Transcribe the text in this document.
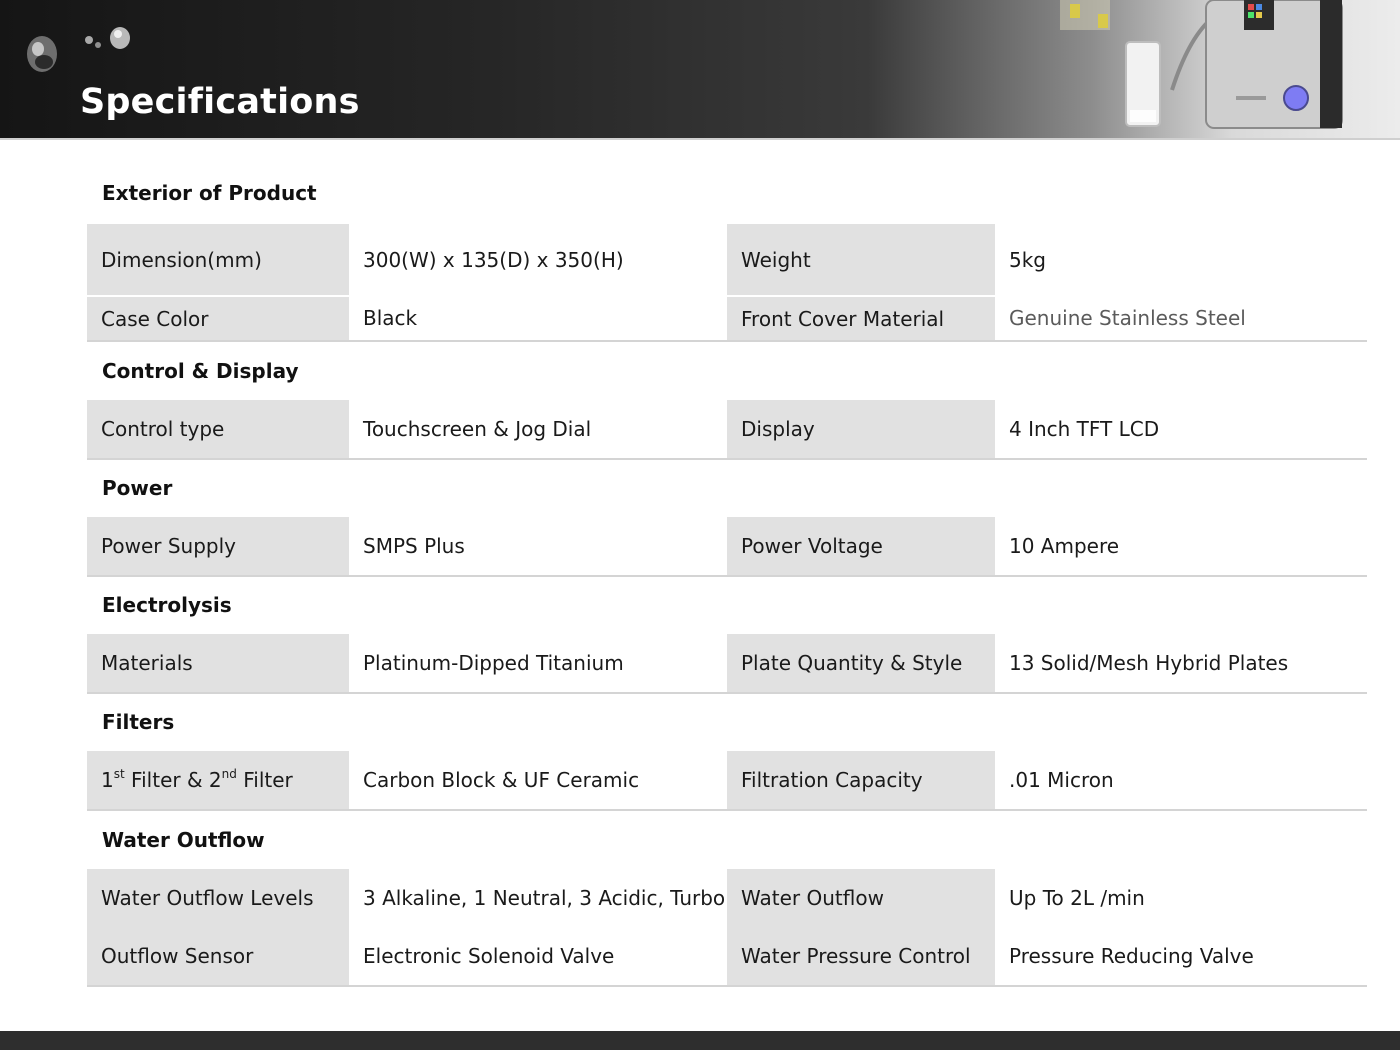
Specifications
Exterior of Product
Dimension(mm)	300(W) x 135(D) x 350(H)	Weight	5kg
Case Color	Black	Front Cover Material	Genuine Stainless Steel
Control & Display
Control type	Touchscreen & Jog Dial	Display	4 Inch TFT LCD
Power
Power Supply	SMPS Plus	Power Voltage	10 Ampere
Electrolysis
Materials	Platinum-Dipped Titanium	Plate Quantity & Style	13 Solid/Mesh Hybrid Plates
Filters
1st Filter & 2nd Filter	Carbon Block & UF Ceramic	Filtration Capacity	.01 Micron
Water Outflow
Water Outflow Levels	3 Alkaline, 1 Neutral, 3 Acidic, Turbo	Water Outflow	Up To 2L /min
Outflow Sensor	Electronic Solenoid Valve	Water Pressure Control	Pressure Reducing Valve
